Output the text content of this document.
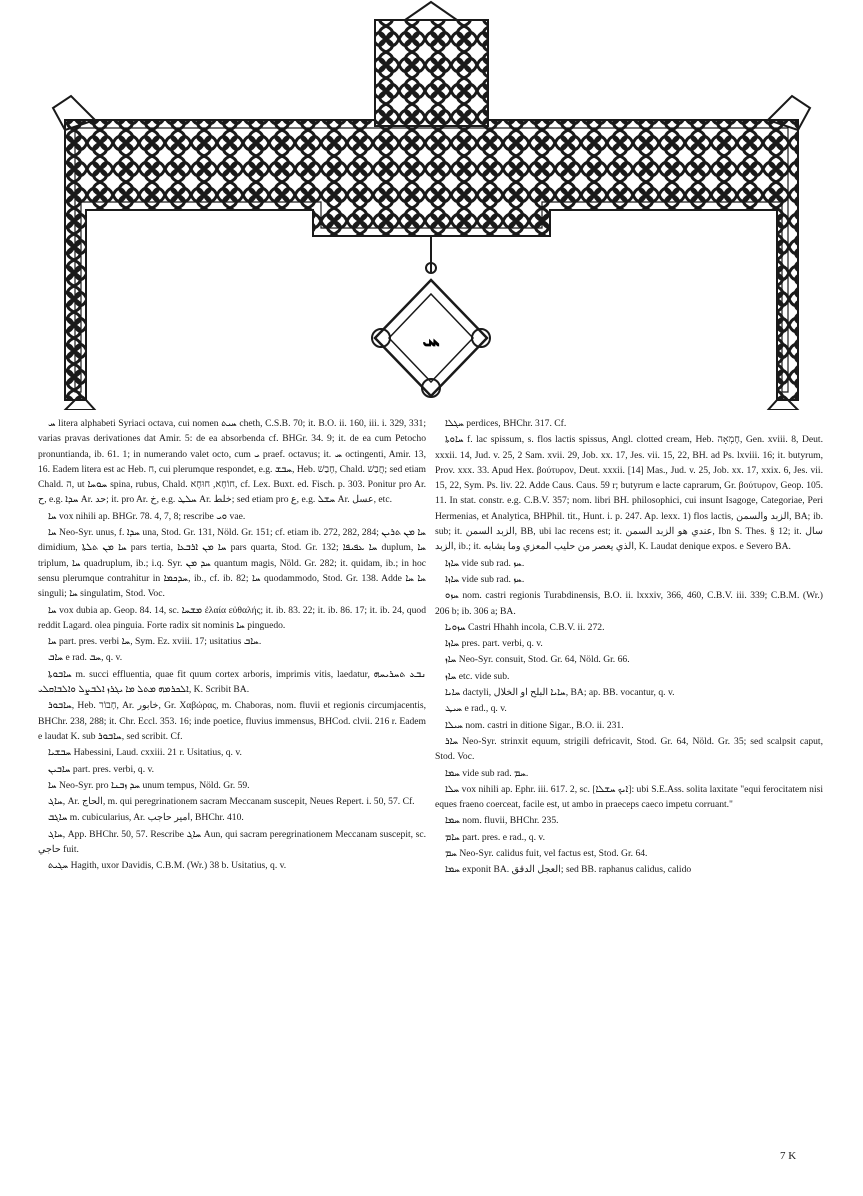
ܚ

ܚ litera alphabeti Syriaci octava, cui nomen ܚܝܬ cheth, C.S.B. 70; it. B.O. ii. 160, iii. i. 329, 331; varias pravas derivationes dat Amir. 5: de ea absorbenda cf. BHGr. 34. 9; it. de ea cum Petocho pronuntianda, ib. 61. 1; in numerando valet octo, cum ܝ praef. octavus; it. ܚ octingenti, Amir. 13, 16. Eadem litera est ac Heb. ח, cui plerumque respondet, e.g. ܚܒܫ, Heb. חָבַשׁ, Chald. חֲבַשׁ; sed etiam Chald. ה, ut ܚܘܚܐ spina, rubus, Chald. חוֹחָא, חוּחָא, cf. Lex. Buxt. ed. Fisch. p. 303. Ponitur pro Ar. ح, e.g. ܚܕܐ Ar. حد; it. pro Ar. خ, e.g. ܚܠܛ Ar. خلط; sed etiam pro ع, e.g. ܚܫܠ Ar. عسل, etc.

ܚܐ vox nihili ap. BHGr. 78. 4, 7, 8; rescribe ܘܝ vae.

ܚܐ Neo-Syr. unus, f. ܚܕܐ una, Stod. Gr. 131, Nöld. Gr. 151; cf. etiam ib. 272, 282, 284; ܚܐ ܡܢ ܬܪܝܢ dimidium, ܚܐ ܡܢ ܬܠܬܐ pars tertia, ܚܐ ܡܢ ܐܪܒܥܐ pars quarta, Stod. Gr. 132; ܚܐ ܥܦܝܦܐ duplum, ܚܐ triplum, ܚܐ quadruplum, ib.; i.q. Syr. ܚܕ ܡܢ quantum magis, Nöld. Gr. 282; it. quidam, ib.; in hoc sensu plerumque contrahitur in ܚܕܟܡܐ, ib., cf. ib. 82; ܚܐ quodammodo, Stod. Gr. 138. Adde ܚܐ ܚܐ singuli; ܚܐ singulatim, Stod. Voc.

ܚܐ vox dubia ap. Geop. 84. 14, sc. ܡܫܚܐ ἐλαία εὐθαλής; it. ib. 83. 22; it. ib. 86. 17; it. ib. 24, quod reddit Lagard. olea pinguia. Forte radix sit nominis ܚܐ pinguedo.

ܚܐ part. pres. verbi ܚܐ, Sym. Ez. xviii. 17; usitatius ܚܐܒ.

ܚܐܒ e rad. ܚܒ, q. v.

ܚܐܒܘܬܐ m. succi effluentia, quae fit quum cortex arboris, imprimis vitis, laedatur, ܢܒܥ ܬܚܪܝܚܗ ܐܠܟܪܡܗ ܡܬܠ ܡܐ ܝܓܪܙ ܐܠܒܨܠ ܘܐܠܒܐܩܠܝ, K. Scribit BA.

ܚܐܒܘܪ, Heb. חָבוֹר, Ar. خابور, Gr. Χαβώρας, m. Chaboras, nom. fluvii et regionis circumjacentis, BHChr. 238, 288; it. Chr. Eccl. 353. 16; inde poetice, fluvius immensus, BHCod. clvii. 216 r. Eadem e laudat K. sub ܚܐܒܘܪ, sed scribit. Cf.

ܚܒܫܝܐ Habessini, Laud. cxxiii. 21 r. Usitatius, q. v.

ܚܐܒܝܢ part. pres. verbi, q. v.

ܚܐ Neo-Syr. pro ܚܕ ܙܒܢܐ unum tempus, Nöld. Gr. 59.

ܚܐܓ, Ar. الحاج, m. qui peregrinationem sacram Meccanam suscepit, Neues Repert. i. 50, 57. Cf.

ܚܐܓܒ m. cubicularius, Ar. امير حاجب, BHChr. 410.

ܚܐܓ, App. BHChr. 50, 57. Rescribe ܚܐܓ Aun, qui sacram peregrinationem Meccanam suscepit, sc. حاجي fuit.

ܚܓܝܬ Hagith, uxor Davidis, C.B.M. (Wr.) 38 b. Usitatius, q. v.

ܚܓܠܐ perdices, BHChr. 317. Cf.

ܚܐܘܬܐ f. lac spissum, s. flos lactis spissus, Angl. clotted cream, Heb. חֶמְאָה, Gen. xviii. 8, Deut. xxxii. 14, Jud. v. 25, 2 Sam. xvii. 29, Job. xx. 17, Jes. vii. 15, 22, BH. ad Ps. lxviii. 16; it. butyrum, Prov. xxx. 33. Apud Hex. βούτυρον, Deut. xxxii. [14] Mas., Jud. v. 25, Job. xx. 17, xxix. 6, Jes. vii. 15, 22, Sym. Ps. liv. 22. Adde Caus. Caus. 59 r; butyrum e lacte caprarum, Gr. βούτυρον, Geop. 105. 11. In stat. constr. e.g. C.B.V. 357; nom. libri BH. philosophici, cui insunt Isagoge, Categoriae, Peri Hermenias, et Analytica, BHPhil. tit., Hunt. i. p. 247. Ap. lexx. 1) flos lactis, الزبد والسمن, BA; ib. sub; it. الزبد السمن, BB, ubi lac recens est; it. عندي هو الزبد السمن, Ibn S. Thes. § 12; it. سال الزبد, ib.; it. الذي يعصر من حليب المعزي وما يشابه, K. Laudat denique expos. e Severo BA.

ܚܐܙܐ vide sub rad. ܚܙ.

ܚܐܙܐ vide sub rad. ܚܙ.

ܚܙܘ nom. castri regionis Turabdinensis, B.O. ii. lxxxiv, 366, 460, C.B.V. iii. 339; C.B.M. (Wr.) 206 b; ib. 306 a; BA.

ܚܙܘܝܐ Castri Hhahh incola, C.B.V. ii. 272.

ܚܐܙܐ pres. part. verbi, q. v.

ܚܐܙ Neo-Syr. consuit, Stod. Gr. 64, Nöld. Gr. 66.

ܚܐܙ etc. vide sub.

ܚܐܝܐ dactyli, ܚܐܝܐ البلح او الخلال, BA; ap. BB. vocantur, q. v.

ܚܝܛ e rad., q. v.

ܚܝܠܐ nom. castri in ditione Sigar., B.O. ii. 231.

ܚܐܪ Neo-Syr. strinxit equum, strigili defricavit, Stod. Gr. 64, Nöld. Gr. 35; sed scalpsit caput, Stod. Voc.

ܚܡܐ vide sub rad. ܚܡ.

ܚܠܐ vox nihili ap. Ephr. iii. 617. 2, sc. [ܐܝܟ ܚܫܠܐ]: ubi S.E.Ass. solita laxitate "equi ferocitatem nisi eques fraeno coerceat, facile est, ut ambo in praeceps caeco impetu corruant."

ܚܡܐ nom. fluvii, BHChr. 235.

ܚܐܡ part. pres. e rad., q. v.

ܚܡ Neo-Syr. calidus fuit, vel factus est, Stod. Gr. 64.

ܚܡܐ exponit BA. العجل الدقق; sed BB. raphanus calidus, calido

7 K
